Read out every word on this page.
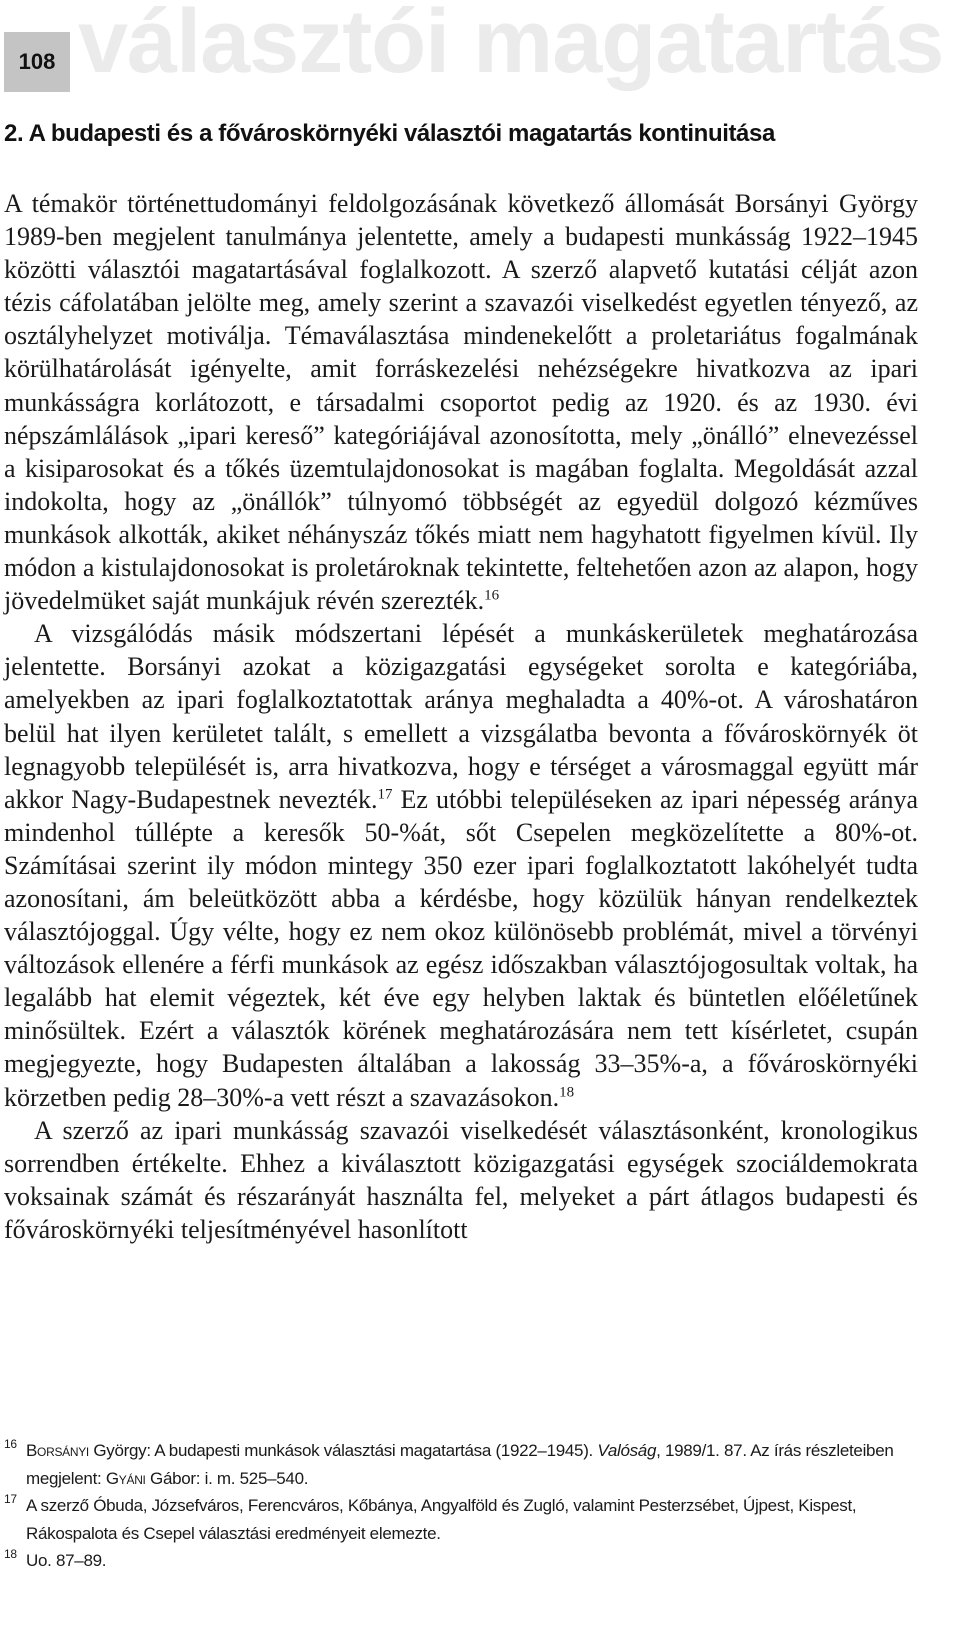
választói magatartás
108
2. A budapesti és a fővároskörnyéki választói magatartás kontinuitása

A témakör történettudományi feldolgozásának következő állomását Borsányi György 1989-ben megjelent tanulmánya jelentette, amely a budapesti munkásság 1922–1945 közötti választói magatartásával foglalkozott. A szerző alapvető kutatási célját azon tézis cáfolatában jelölte meg, amely szerint a szavazói viselkedést egyetlen tényező, az osztályhelyzet motiválja. Témaválasztása mindenekelőtt a proletariátus fogalmának körülhatárolását igényelte, amit forráskezelési nehézségekre hivatkozva az ipari munkásságra korlátozott, e társadalmi csoportot pedig az 1920. és az 1930. évi népszámlálások „ipari kereső” kategóriájával azonosította, mely „önálló” elnevezéssel a kisiparosokat és a tőkés üzemtulajdonosokat is magában foglalta. Megoldását azzal indokolta, hogy az „önállók” túlnyomó többségét az egyedül dolgozó kézműves munkások alkották, akiket néhányszáz tőkés miatt nem hagyhatott figyelmen kívül. Ily módon a kistulajdonosokat is proletároknak tekintette, feltehetően azon az alapon, hogy jövedelmüket saját munkájuk révén szerezték.$^{16}$

A vizsgálódás másik módszertani lépését a munkáskerületek meghatározása jelentette. Borsányi azokat a közigazgatási egységeket sorolta e kategóriába, amelyekben az ipari foglalkoztatottak aránya meghaladta a 40%-ot. A városhatáron belül hat ilyen kerületet talált, s emellett a vizsgálatba bevonta a fővároskörnyék öt legnagyobb települését is, arra hivatkozva, hogy e térséget a városmaggal együtt már akkor Nagy-Budapestnek nevezték.$^{17}$ Ez utóbbi településeken az ipari népesség aránya mindenhol túllépte a keresők 50-%át, sőt Csepelen megközelítette a 80%-ot. Számításai szerint ily módon mintegy 350 ezer ipari foglalkoztatott lakóhelyét tudta azonosítani, ám beleütközött abba a kérdésbe, hogy közülük hányan rendelkeztek választójoggal. Úgy vélte, hogy ez nem okoz különösebb problémát, mivel a törvényi változások ellenére a férfi munkások az egész időszakban választójogosultak voltak, ha legalább hat elemit végeztek, két éve egy helyben laktak és büntetlen előéletűnek minősültek. Ezért a választók körének meghatározására nem tett kísérletet, csupán megjegyezte, hogy Budapesten általában a lakosság 33–35%-a, a fővároskörnyéki körzetben pedig 28–30%-a vett részt a szavazásokon.$^{18}$

A szerző az ipari munkásság szavazói viselkedését választásonként, kronologikus sorrendben értékelte. Ehhez a kiválasztott közigazgatási egységek szociáldemokrata voksainak számát és részarányát használta fel, melyeket a párt átlagos budapesti és fővároskörnyéki teljesítményével hasonlított

16 Borsányi György: A budapesti munkások választási magatartása (1922–1945). Valóság, 1989/1. 87. Az írás részleteiben megjelent: Gyáni Gábor: i. m. 525–540.

17 A szerző Óbuda, Józsefváros, Ferencváros, Kőbánya, Angyalföld és Zugló, valamint Pesterzsébet, Újpest, Kispest, Rákospalota és Csepel választási eredményeit elemezte.

18 Uo. 87–89.
